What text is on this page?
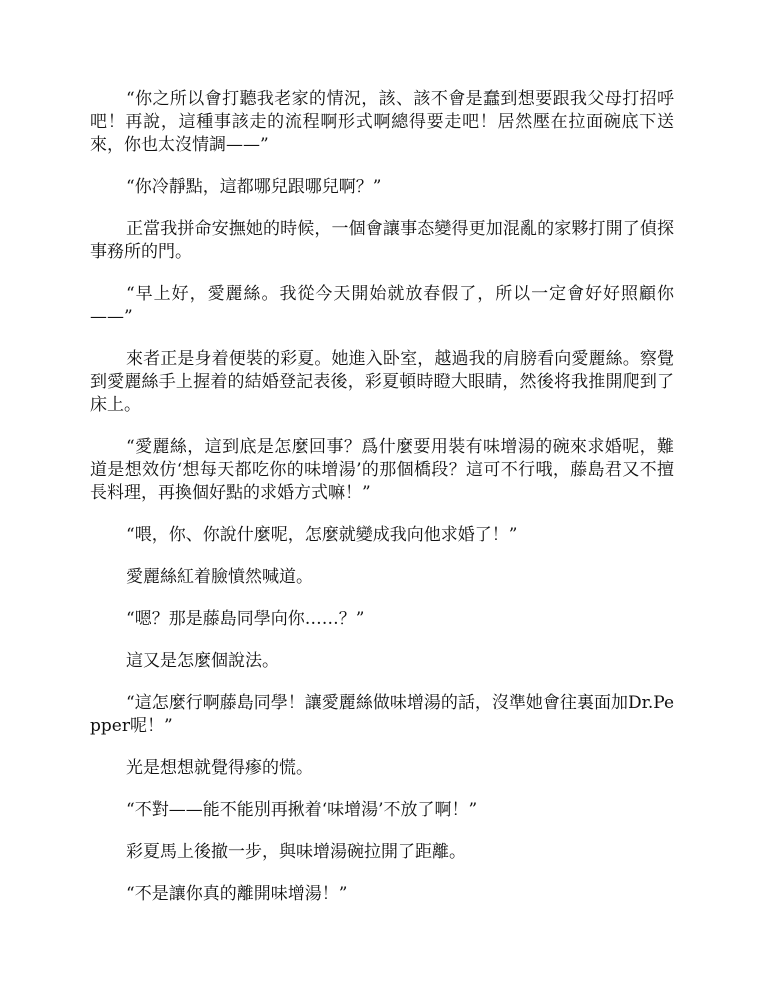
“你之所以會打聽我老家的情況，該、該不會是蠢到想要跟我父母打招呼吧！再說，這種事該走的流程啊形式啊總得要走吧！居然壓在拉面碗底下送來，你也太沒情調——”

“你冷靜點，這都哪兒跟哪兒啊？”

正當我拼命安撫她的時候，一個會讓事态變得更加混亂的家夥打開了偵探事務所的門。

“早上好，愛麗絲。我從今天開始就放春假了，所以一定會好好照顧你——”

來者正是身着便裝的彩夏。她進入卧室，越過我的肩膀看向愛麗絲。察覺到愛麗絲手上握着的結婚登記表後，彩夏頓時瞪大眼睛，然後将我推開爬到了床上。

“愛麗絲，這到底是怎麼回事？爲什麼要用裝有味增湯的碗來求婚呢，難道是想效仿‘想每天都吃你的味增湯’的那個橋段？這可不行哦，藤島君又不擅長料理，再換個好點的求婚方式嘛！”

“喂，你、你說什麼呢，怎麼就變成我向他求婚了！”

愛麗絲紅着臉憤然喊道。

“嗯？那是藤島同學向你……？”

這又是怎麼個說法。

“這怎麼行啊藤島同學！讓愛麗絲做味增湯的話，沒準她會往裏面加Dr.Pepper呢！”

光是想想就覺得瘆的慌。

“不對——能不能別再揪着‘味增湯’不放了啊！”

彩夏馬上後撤一步，與味增湯碗拉開了距離。

“不是讓你真的離開味增湯！”
